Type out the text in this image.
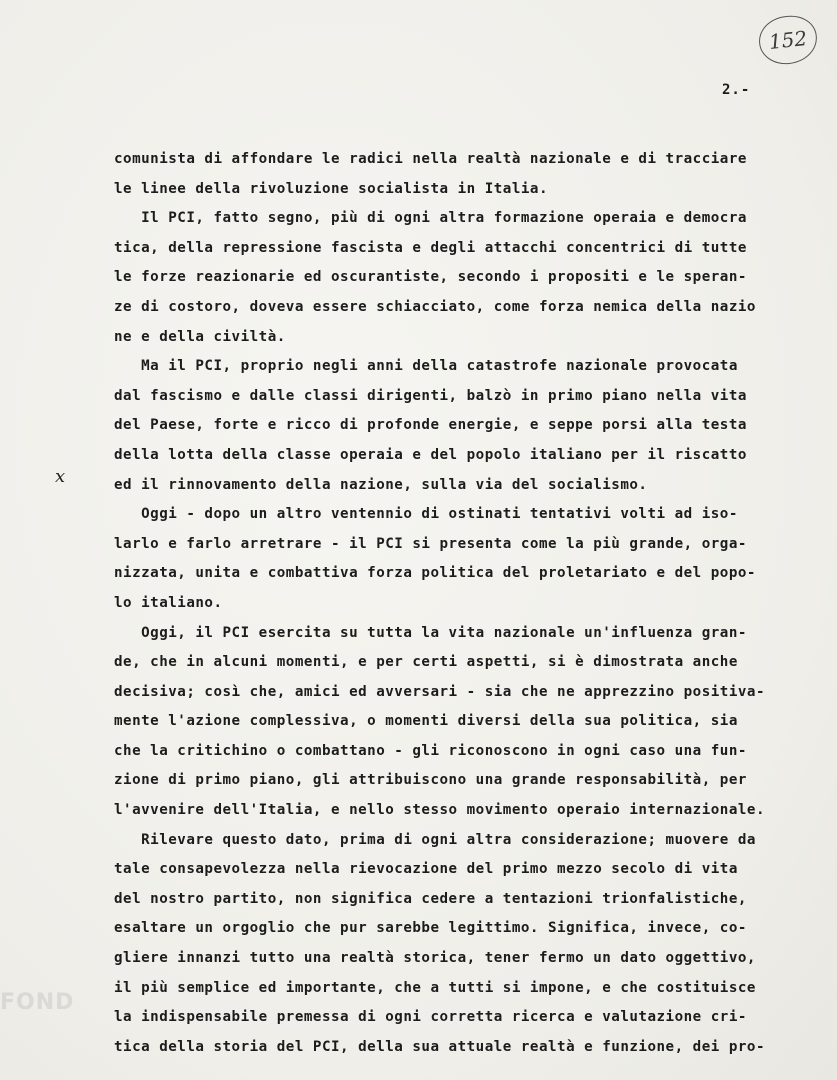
152
2.-
x
comunista di affondare le radici nella realtà nazionale e di tracciare
le linee della rivoluzione socialista in Italia.
Il PCI, fatto segno, più di ogni altra formazione operaia e democra
tica, della repressione fascista e degli attacchi concentrici di tutte
le forze reazionarie ed oscurantiste, secondo i propositi e le speran-
ze di costoro, doveva essere schiacciato, come forza nemica della nazio
ne e della civiltà.
Ma il PCI, proprio negli anni della catastrofe nazionale provocata
dal fascismo e dalle classi dirigenti, balzò in primo piano nella vita
del Paese, forte e ricco di profonde energie, e seppe porsi alla testa
della lotta della classe operaia e del popolo italiano per il riscatto
ed il rinnovamento della nazione, sulla via del socialismo.
Oggi - dopo un altro ventennio di ostinati tentativi volti ad iso-
larlo e farlo arretrare - il PCI si presenta come la più grande, orga-
nizzata, unita e combattiva forza politica del proletariato e del popo-
lo italiano.
Oggi, il PCI esercita su tutta la vita nazionale un'influenza gran-
de, che in alcuni momenti, e per certi aspetti, si è dimostrata anche
decisiva; così che, amici ed avversari - sia che ne apprezzino positiva-
mente l'azione complessiva, o momenti diversi della sua politica, sia
che la critichino o combattano - gli riconoscono in ogni caso una fun-
zione di primo piano, gli attribuiscono una grande responsabilità, per
l'avvenire dell'Italia, e nello stesso movimento operaio internazionale.
Rilevare questo dato, prima di ogni altra considerazione; muovere da
tale consapevolezza nella rievocazione del primo mezzo secolo di vita
del nostro partito, non significa cedere a tentazioni trionfalistiche,
esaltare un orgoglio che pur sarebbe legittimo. Significa, invece, co-
gliere innanzi tutto una realtà storica, tener fermo un dato oggettivo,
il più semplice ed importante, che a tutti si impone, e che costituisce
la indispensabile premessa di ogni corretta ricerca e valutazione cri-
tica della storia del PCI, della sua attuale realtà e funzione, dei pro-
FOND
